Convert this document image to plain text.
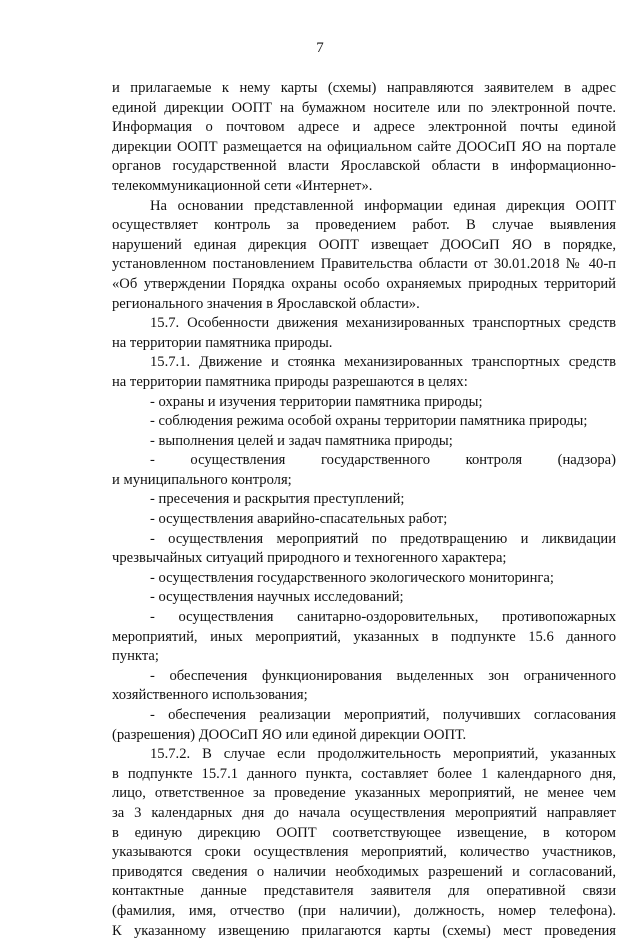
7
и прилагаемые к нему карты (схемы) направляются заявителем в адрес
единой дирекции ООПТ на бумажном носителе или по электронной почте.
Информация о почтовом адресе и адресе электронной почты единой
дирекции ООПТ размещается на официальном сайте ДООСиП ЯО на портале
органов государственной власти Ярославской области в информационно-
телекоммуникационной сети «Интернет».
На основании представленной информации единая дирекция ООПТ
осуществляет контроль за проведением работ. В случае выявления
нарушений единая дирекция ООПТ извещает ДООСиП ЯО в порядке,
установленном постановлением Правительства области от 30.01.2018 № 40-п
«Об утверждении Порядка охраны особо охраняемых природных территорий
регионального значения в Ярославской области».
15.7. Особенности движения механизированных транспортных средств
на территории памятника природы.
15.7.1. Движение и стоянка механизированных транспортных средств
на территории памятника природы разрешаются в целях:
- охраны и изучения территории памятника природы;
- соблюдения режима особой охраны территории памятника природы;
- выполнения целей и задач памятника природы;
- осуществления государственного контроля (надзора)
и муниципального контроля;
- пресечения и раскрытия преступлений;
- осуществления аварийно-спасательных работ;
- осуществления мероприятий по предотвращению и ликвидации
чрезвычайных ситуаций природного и техногенного характера;
- осуществления государственного экологического мониторинга;
- осуществления научных исследований;
- осуществления санитарно-оздоровительных, противопожарных
мероприятий, иных мероприятий, указанных в подпункте 15.6 данного
пункта;
- обеспечения функционирования выделенных зон ограниченного
хозяйственного использования;
- обеспечения реализации мероприятий, получивших согласования
(разрешения) ДООСиП ЯО или единой дирекции ООПТ.
15.7.2. В случае если продолжительность мероприятий, указанных
в подпункте 15.7.1 данного пункта, составляет более 1 календарного дня,
лицо, ответственное за проведение указанных мероприятий, не менее чем
за 3 календарных дня до начала осуществления мероприятий направляет
в единую дирекцию ООПТ соответствующее извещение, в котором
указываются сроки осуществления мероприятий, количество участников,
приводятся сведения о наличии необходимых разрешений и согласований,
контактные данные представителя заявителя для оперативной связи
(фамилия, имя, отчество (при наличии), должность, номер телефона).
К указанному извещению прилагаются карты (схемы) мест проведения
